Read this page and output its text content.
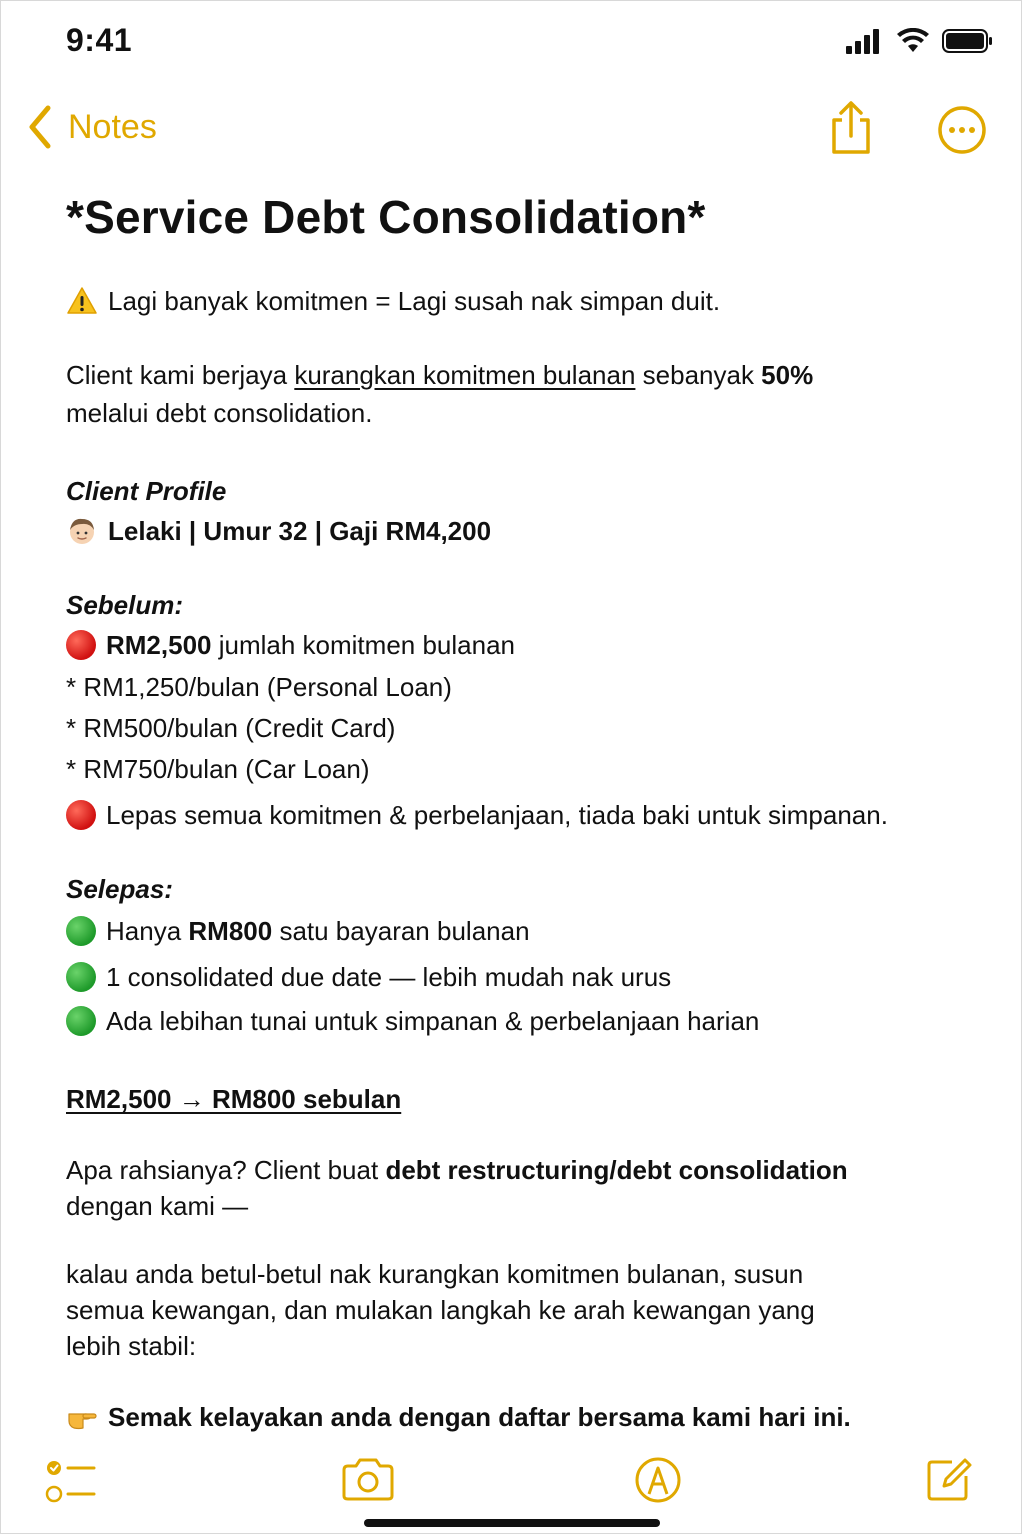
9:41
Notes
*Service Debt Consolidation*
Lagi banyak komitmen = Lagi susah nak simpan duit.
Client kami berjaya kurangkan komitmen bulanan sebanyak 50%
melalui debt consolidation.
Client Profile
Lelaki | Umur 32 | Gaji RM4,200
Sebelum:
RM2,500 jumlah komitmen bulanan
* RM1,250/bulan (Personal Loan)
* RM500/bulan (Credit Card)
* RM750/bulan (Car Loan)
Lepas semua komitmen & perbelanjaan, tiada baki untuk simpanan.
Selepas:
Hanya RM800 satu bayaran bulanan
1 consolidated due date — lebih mudah nak urus
Ada lebihan tunai untuk simpanan & perbelanjaan harian
RM2,500 → RM800 sebulan
Apa rahsianya? Client buat debt restructuring/debt consolidation
dengan kami —
kalau anda betul-betul nak kurangkan komitmen bulanan, susun
semua kewangan, dan mulakan langkah ke arah kewangan yang
lebih stabil:
Semak kelayakan anda dengan daftar bersama kami hari ini.
